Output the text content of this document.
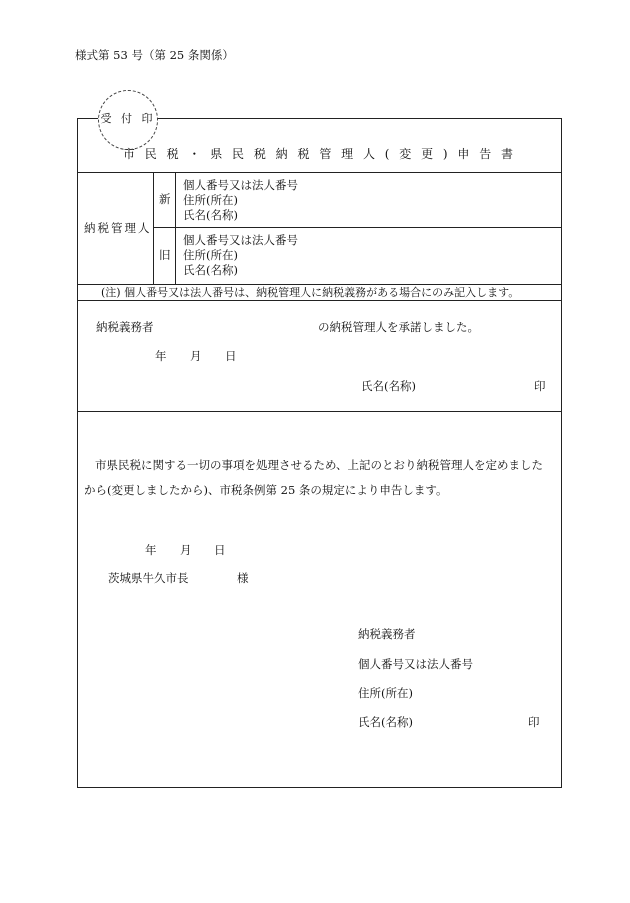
様式第 53 号（第 25 条関係）
受 付 印
市 民 税 ・ 県 民 税 納 税 管 理 人 ( 変 更 ) 申 告 書
納税管理人
新
個人番号又は法人番号
住所(所在)
氏名(名称)
旧
個人番号又は法人番号
住所(所在)
氏名(名称)
(注) 個人番号又は法人番号は、納税管理人に納税義務がある場合にのみ記入します。
納税義務者	の納税管理人を承諾しました。
年 月 日
氏名(名称)	印
市県民税に関する一切の事項を処理させるため、上記のとおり納税管理人を定めました
から(変更しましたから)、市税条例第 25 条の規定により申告します。
年 月 日
茨城県牛久市長	様
納税義務者
個人番号又は法人番号
住所(所在)
氏名(名称)	印
